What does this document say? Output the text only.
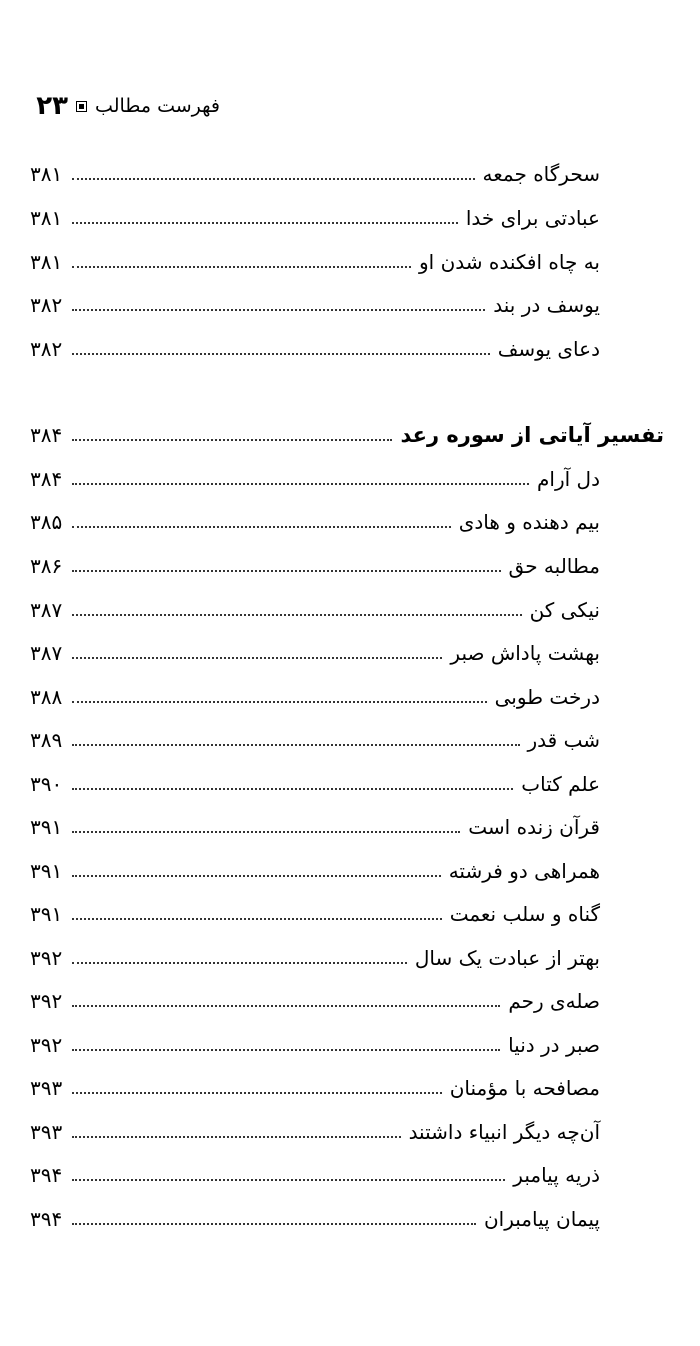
فهرست مطالب
۲۳
سحرگاه جمعه
۳۸۱
عبادتی برای خدا
۳۸۱
به چاه افکنده شدن او
۳۸۱
یوسف در بند
۳۸۲
دعای یوسف
۳۸۲
تفسیر آیاتی از سوره رعد
۳۸۴
دل آرام
۳۸۴
بیم دهنده و هادی
۳۸۵
مطالبه حق
۳۸۶
نیکی کن
۳۸۷
بهشت پاداش صبر
۳۸۷
درخت طوبی
۳۸۸
شب قدر
۳۸۹
علم کتاب
۳۹۰
قرآن زنده است
۳۹۱
همراهی دو فرشته
۳۹۱
گناه و سلب نعمت
۳۹۱
بهتر از عبادت یک سال
۳۹۲
صله‌ی رحم
۳۹۲
صبر در دنیا
۳۹۲
مصافحه با مؤمنان
۳۹۳
آن‌چه دیگر انبیاء داشتند
۳۹۳
ذریه پیامبر
۳۹۴
پیمان پیامبران
۳۹۴
